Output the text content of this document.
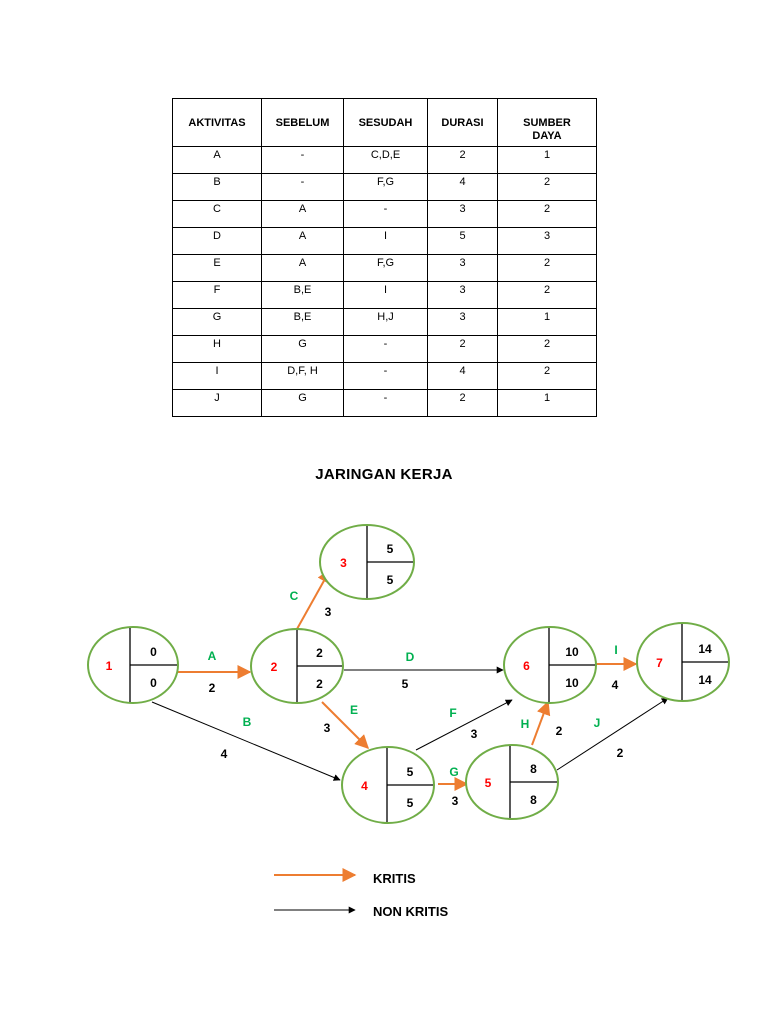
AKTIVITAS	SEBELUM	SESUDAH	DURASI	SUMBER DAYA
A	-	C,D,E	2	1
B	-	F,G	4	2
C	A	-	3	2
D	A	I	5	3
E	A	F,G	3	2
F	B,E	I	3	2
G	B,E	H,J	3	1
H	G	-	2	2
I	D,F, H	-	4	2
J	G	-	2	1
JARINGAN KERJA
A
2
B
4
C
3
D
5
E
3
F
3
G
3
H 2
I
4
J
2
1
0
0
2
2
2
3
5
5
4
5
5
5
8
8
6
10
10
7
14
14
KRITIS
NON KRITIS
